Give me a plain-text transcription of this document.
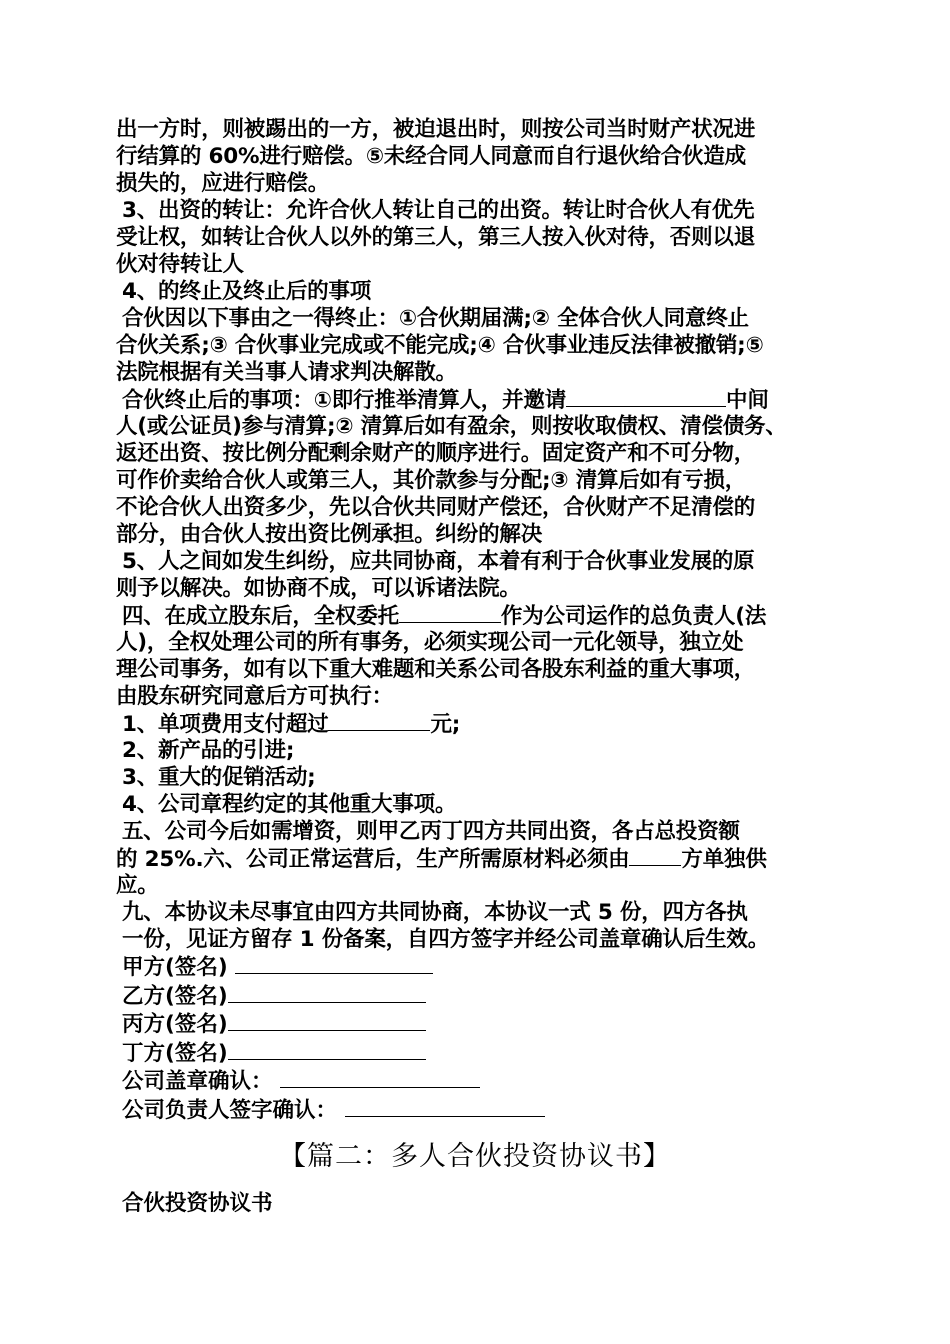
出一方时，则被踢出的一方，被迫退出时，则按公司当时财产状况进
行结算的 60%进行赔偿。⑤未经合同人同意而自行退伙给合伙造成
损失的，应进行赔偿。
3、出资的转让：允许合伙人转让自己的出资。转让时合伙人有优先
受让权，如转让合伙人以外的第三人，第三人按入伙对待，否则以退
伙对待转让人
4、的终止及终止后的事项
合伙因以下事由之一得终止：①合伙期届满;② 全体合伙人同意终止
合伙关系;③ 合伙事业完成或不能完成;④ 合伙事业违反法律被撤销;⑤
法院根据有关当事人请求判决解散。
合伙终止后的事项：①即行推举清算人，并邀请	中间
人(或公证员)参与清算;② 清算后如有盈余，则按收取债权、清偿债务、
返还出资、按比例分配剩余财产的顺序进行。固定资产和不可分物，
可作价卖给合伙人或第三人，其价款参与分配;③ 清算后如有亏损，
不论合伙人出资多少，先以合伙共同财产偿还，合伙财产不足清偿的
部分，由合伙人按出资比例承担。纠纷的解决
5、人之间如发生纠纷，应共同协商，本着有利于合伙事业发展的原
则予以解决。如协商不成，可以诉诸法院。
四、在成立股东后，全权委托	作为公司运作的总负责人(法
人)，全权处理公司的所有事务，必须实现公司一元化领导，独立处
理公司事务，如有以下重大难题和关系公司各股东利益的重大事项，
由股东研究同意后方可执行：
1、单项费用支付超过	元;
2、新产品的引进;
3、重大的促销活动;
4、公司章程约定的其他重大事项。
五、公司今后如需增资，则甲乙丙丁四方共同出资，各占总投资额
的 25%.六、公司正常运营后，生产所需原材料必须由 方单独供
应。
九、本协议未尽事宜由四方共同协商，本协议一式 5 份，四方各执
一份，见证方留存 1 份备案，自四方签字并经公司盖章确认后生效。
甲方(签名)
乙方(签名)
丙方(签名)
丁方(签名)
公司盖章确认：
公司负责人签字确认：
【篇二：多人合伙投资协议书】
合伙投资协议书
